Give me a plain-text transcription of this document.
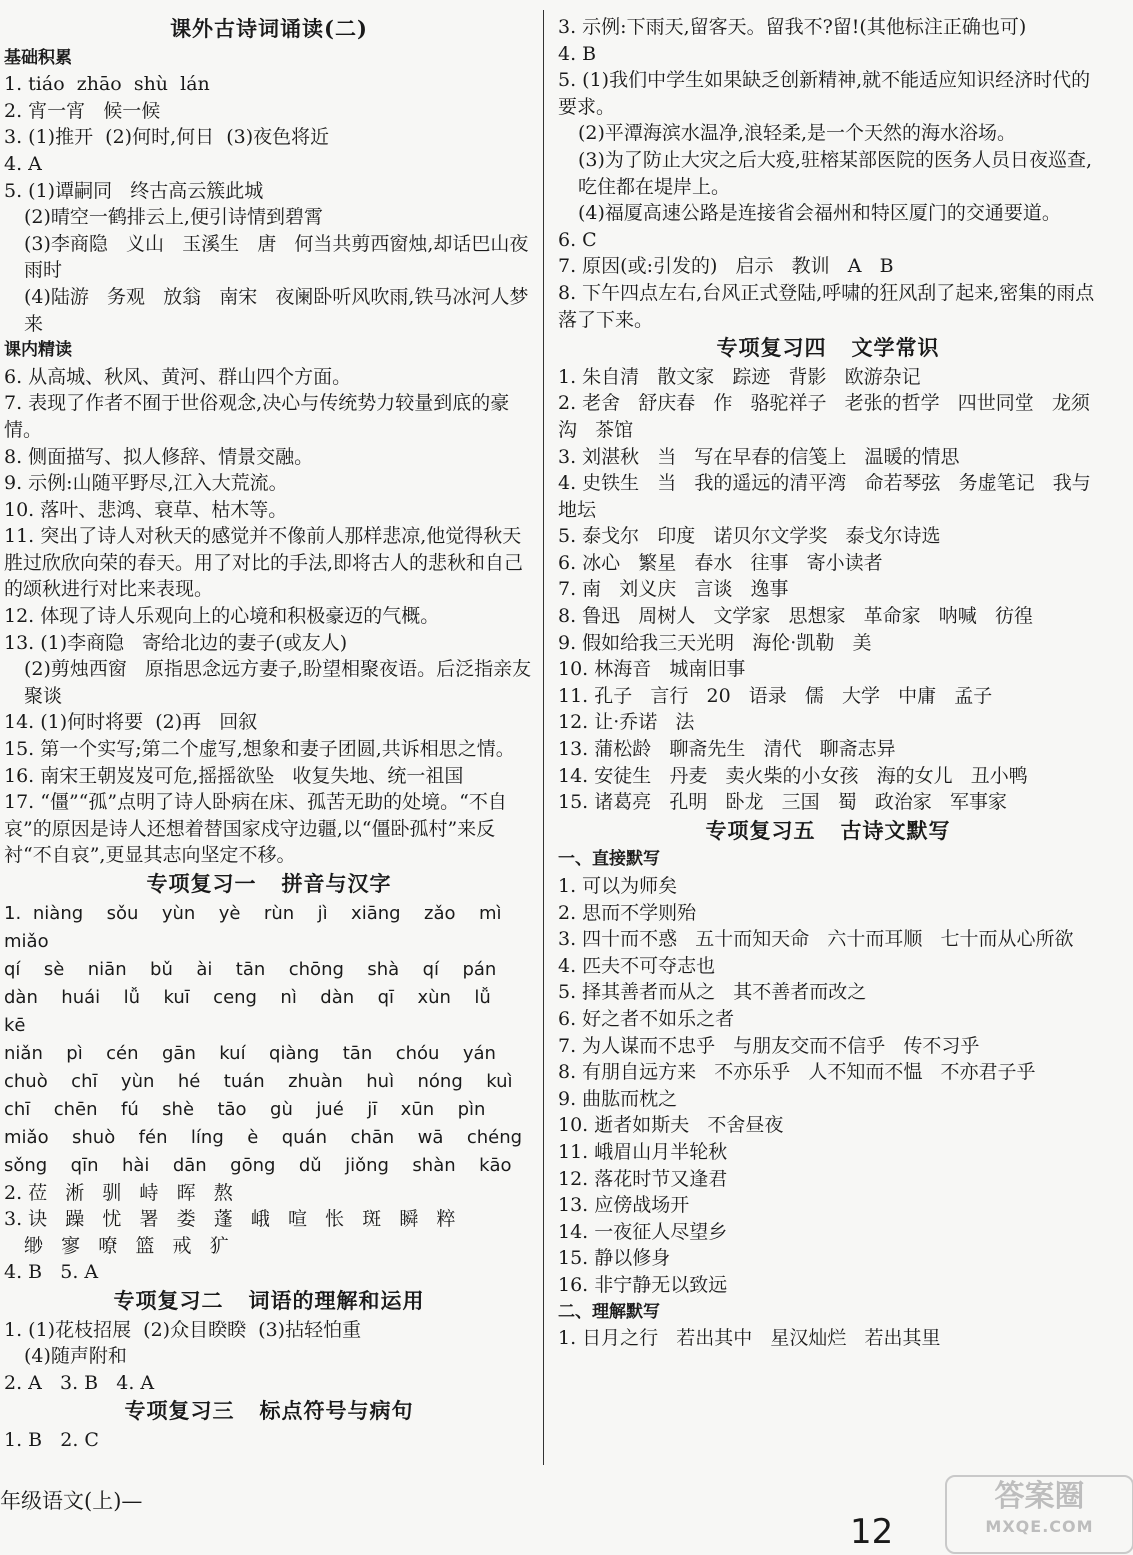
课外古诗词诵读(二)
基础积累
1. tiáo  zhāo  shù  lán
2. 宵一宵   候一候
3. (1)推开  (2)何时,何日  (3)夜色将近
4. A
5. (1)谭嗣同   终古高云簇此城
(2)晴空一鹤排云上,便引诗情到碧霄
(3)李商隐   义山   玉溪生   唐   何当共剪西窗烛,却话巴山夜雨时
(4)陆游   务观   放翁   南宋   夜阑卧听风吹雨,铁马冰河人梦来
课内精读
6. 从高城、秋风、黄河、群山四个方面。
7. 表现了作者不囿于世俗观念,决心与传统势力较量到底的豪情。
8. 侧面描写、拟人修辞、情景交融。
9. 示例:山随平野尽,江入大荒流。
10. 落叶、悲鸿、衰草、枯木等。
11. 突出了诗人对秋天的感觉并不像前人那样悲凉,他觉得秋天胜过欣欣向荣的春天。用了对比的手法,即将古人的悲秋和自己的颂秋进行对比来表现。
12. 体现了诗人乐观向上的心境和积极豪迈的气概。
13. (1)李商隐   寄给北边的妻子(或友人)
(2)剪烛西窗   原指思念远方妻子,盼望相聚夜语。后泛指亲友聚谈
14. (1)何时将要  (2)再   回叙
15. 第一个实写;第二个虚写,想象和妻子团圆,共诉相思之情。
16. 南宋王朝岌岌可危,摇摇欲坠   收复失地、统一祖国
17. “僵”“孤”点明了诗人卧病在床、孤苦无助的处境。“不自哀”的原因是诗人还想着替国家戍守边疆,以“僵卧孤村”来反衬“不自哀”,更显其志向坚定不移。
专项复习一   拼音与汉字
1. niàng  sǒu  yùn  yè  rùn  jì  xiāng  zǎo  mì  miǎo
qí  sè  niān  bǔ  ài  tān  chōng  shà  qí  pán
dàn  huái  lǚ  kuī  ceng  nì  dàn  qī  xùn  lǚ  kē
niǎn  pì  cén  gān  kuí  qiàng  tān  chóu  yán
chuò  chī  yùn  hé  tuán  zhuàn  huì  nóng  kuì
chī  chēn  fú  shè  tāo  gù  jué  jī  xūn  pìn
miǎo  shuò  fén  líng  è  quán  chān  wā  chéng
sǒng  qīn  hài  dān  gōng  dǔ  jiǒng  shàn  kāo
2. 莅   淅   驯   峙   晖   熬
3. 诀   躁   忧   署   娄   蓬   峨   喧   怅   斑   瞬   粹
缈   寥   嘹   篮   戒   犷
4. B   5. A
专项复习二   词语的理解和运用
1. (1)花枝招展  (2)众目睽睽  (3)拈轻怕重
(4)随声附和
2. A   3. B   4. A
专项复习三   标点符号与病句
1. B   2. C
3. 示例:下雨天,留客天。留我不?留!(其他标注正确也可)
4. B
5. (1)我们中学生如果缺乏创新精神,就不能适应知识经济时代的要求。
(2)平潭海滨水温净,浪轻柔,是一个天然的海水浴场。
(3)为了防止大灾之后大疫,驻榕某部医院的医务人员日夜巡查,吃住都在堤岸上。
(4)福厦高速公路是连接省会福州和特区厦门的交通要道。
6. C
7. 原因(或:引发的)   启示   教训   A   B
8. 下午四点左右,台风正式登陆,呼啸的狂风刮了起来,密集的雨点落了下来。
专项复习四   文学常识
1. 朱自清   散文家   踪迹   背影   欧游杂记
2. 老舍   舒庆春   作   骆驼祥子   老张的哲学   四世同堂   龙须沟   茶馆
3. 刘湛秋   当   写在早春的信笺上   温暖的情思
4. 史铁生   当   我的遥远的清平湾   命若琴弦   务虚笔记   我与地坛
5. 泰戈尔   印度   诺贝尔文学奖   泰戈尔诗选
6. 冰心   繁星   春水   往事   寄小读者
7. 南   刘义庆   言谈   逸事
8. 鲁迅   周树人   文学家   思想家   革命家   呐喊   彷徨
9. 假如给我三天光明   海伦·凯勒   美
10. 林海音   城南旧事
11. 孔子   言行   20   语录   儒   大学   中庸   孟子
12. 让·乔诺   法
13. 蒲松龄   聊斋先生   清代   聊斋志异
14. 安徒生   丹麦   卖火柴的小女孩   海的女儿   丑小鸭
15. 诸葛亮   孔明   卧龙   三国   蜀   政治家   军事家
专项复习五   古诗文默写
一、直接默写
1. 可以为师矣
2. 思而不学则殆
3. 四十而不惑   五十而知天命   六十而耳顺   七十而从心所欲
4. 匹夫不可夺志也
5. 择其善者而从之   其不善者而改之
6. 好之者不如乐之者
7. 为人谋而不忠乎   与朋友交而不信乎   传不习乎
8. 有朋自远方来   不亦乐乎   人不知而不愠   不亦君子乎
9. 曲肱而枕之
10. 逝者如斯夫   不舍昼夜
11. 峨眉山月半轮秋
12. 落花时节又逢君
13. 应傍战场开
14. 一夜征人尽望乡
15. 静以修身
16. 非宁静无以致远
二、理解默写
1. 日月之行   若出其中   星汉灿烂   若出其里
年级语文(上)—
12
答案圈
MXQE.COM
